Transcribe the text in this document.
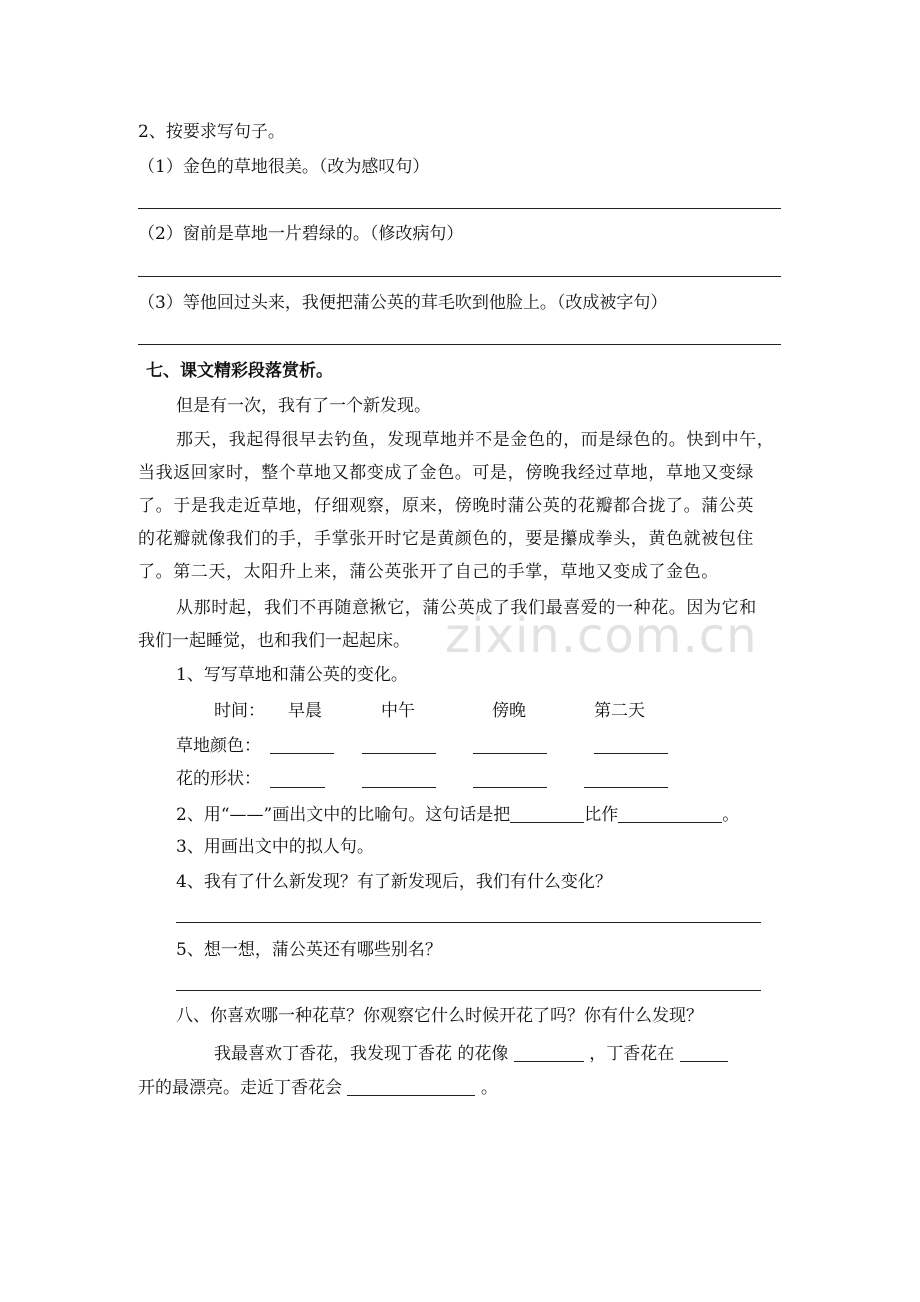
2、按要求写句子。
（1）金色的草地很美。（改为感叹句）
（2）窗前是草地一片碧绿的。（修改病句）
（3）等他回过头来，我便把蒲公英的茸毛吹到他脸上。（改成被字句）
七、课文精彩段落赏析。
但是有一次，我有了一个新发现。
那天，我起得很早去钓鱼，发现草地并不是金色的，而是绿色的。快到中午，
当我返回家时，整个草地又都变成了金色。可是，傍晚我经过草地，草地又变绿
了。于是我走近草地，仔细观察，原来，傍晚时蒲公英的花瓣都合拢了。蒲公英
的花瓣就像我们的手，手掌张开时它是黄颜色的，要是攥成拳头，黄色就被包住
了。第二天，太阳升上来，蒲公英张开了自己的手掌，草地又变成了金色。
从那时起，我们不再随意揪它，蒲公英成了我们最喜爱的一种花。因为它和
我们一起睡觉，也和我们一起起床。 zixin.com.cn
1、写写草地和蒲公英的变化。
时间： 早晨	中午	傍晚	第二天
草地颜色：
花的形状：
2、用“——”画出文中的比喻句。这句话是把	比作	。
3、用画出文中的拟人句。
4、我有了什么新发现？有了新发现后，我们有什么变化？
5、想一想，蒲公英还有哪些别名？
八、你喜欢哪一种花草？你观察它什么时候开花了吗？你有什么发现？
我最喜欢丁香花，我发现丁香花 的花像	，丁香花在
开的最漂亮。走近丁香花会	。
